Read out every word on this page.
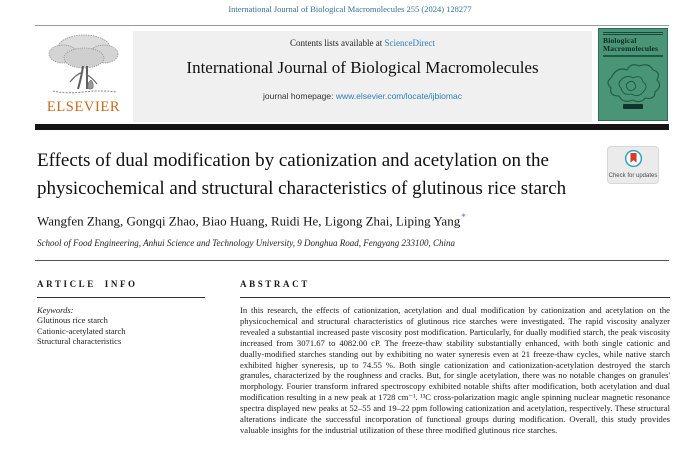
International Journal of Biological Macromolecules 255 (2024) 128277
ELSEVIER
Contents lists available at ScienceDirect
International Journal of Biological Macromolecules
journal homepage: www.elsevier.com/locate/ijbiomac
Biological
Macromolecules
Effects of dual modification by cationization and acetylation on the
physicochemical and structural characteristics of glutinous rice starch
Check for updates
Wangfen Zhang, Gongqi Zhao, Biao Huang, Ruidi He, Ligong Zhai, Liping Yang*
School of Food Engineering, Anhui Science and Technology University, 9 Donghua Road, Fengyang 233100, China
ARTICLE INFO
Keywords:
Glutinous rice starch
Cationic-acetylated starch
Structural characteristics
ABSTRACT
In this research, the effects of cationization, acetylation and dual modification by cationization and acetylation on the physicochemical and structural characteristics of glutinous rice starches were investigated. The rapid viscosity analyzer revealed a substantial increased paste viscosity post modification. Particularly, for dually modified starch, the peak viscosity increased from 3071.67 to 4082.00 cP. The freeze-thaw stability substantially enhanced, with both single cationic and dually-modified starches standing out by exhibiting no water syneresis even at 21 freeze-thaw cycles, while native starch exhibited higher syneresis, up to 74.55 %. Both single cationization and cationization-acetylation destroyed the starch granules, characterized by the roughness and cracks. But, for single acetylation, there was no notable changes on granules' morphology. Fourier transform infrared spectroscopy exhibited notable shifts after modification, both acetylation and dual modification resulting in a new peak at 1728 cm⁻¹. ¹³C cross-polarization magic angle spinning nuclear magnetic resonance spectra displayed new peaks at 52–55 and 19–22 ppm following cationization and acetylation, respectively. These structural alterations indicate the successful incorporation of functional groups during modification. Overall, this study provides valuable insights for the industrial utilization of these three modified glutinous rice starches.
